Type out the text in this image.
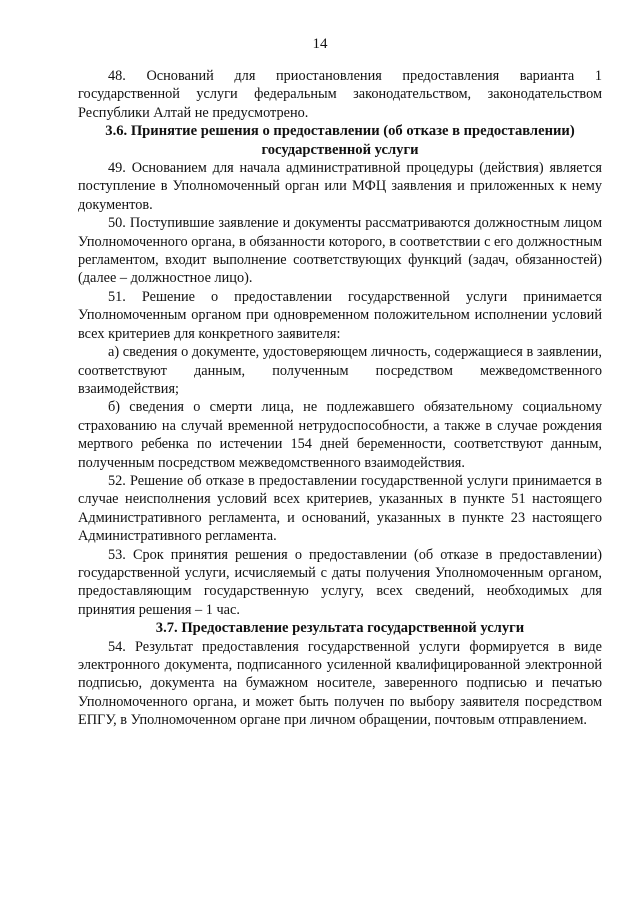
14

48. Оснований для приостановления предоставления варианта 1 государственной услуги федеральным законодательством, законодательством Республики Алтай не предусмотрено.

3.6. Принятие решения о предоставлении (об отказе в предоставлении) государственной услуги

49. Основанием для начала административной процедуры (действия) является поступление в Уполномоченный орган или МФЦ заявления и приложенных к нему документов.

50. Поступившие заявление и документы рассматриваются должностным лицом Уполномоченного органа, в обязанности которого, в соответствии с его должностным регламентом, входит выполнение соответствующих функций (задач, обязанностей) (далее – должностное лицо).

51. Решение о предоставлении государственной услуги принимается Уполномоченным органом при одновременном положительном исполнении условий всех критериев для конкретного заявителя:

а) сведения о документе, удостоверяющем личность, содержащиеся в заявлении, соответствуют данным, полученным посредством межведомственного взаимодействия;

б) сведения о смерти лица, не подлежавшего обязательному социальному страхованию на случай временной нетрудоспособности, а также в случае рождения мертвого ребенка по истечении 154 дней беременности, соответствуют данным, полученным посредством межведомственного взаимодействия.

52. Решение об отказе в предоставлении государственной услуги принимается в случае неисполнения условий всех критериев, указанных в пункте 51 настоящего Административного регламента, и оснований, указанных в пункте 23 настоящего Административного регламента.

53. Срок принятия решения о предоставлении (об отказе в предоставлении) государственной услуги, исчисляемый с даты получения Уполномоченным органом, предоставляющим государственную услугу, всех сведений, необходимых для принятия решения – 1 час.

3.7. Предоставление результата государственной услуги

54. Результат предоставления государственной услуги формируется в виде электронного документа, подписанного усиленной квалифицированной электронной подписью, документа на бумажном носителе, заверенного подписью и печатью Уполномоченного органа, и может быть получен по выбору заявителя посредством ЕПГУ, в Уполномоченном органе при личном обращении, почтовым отправлением.
